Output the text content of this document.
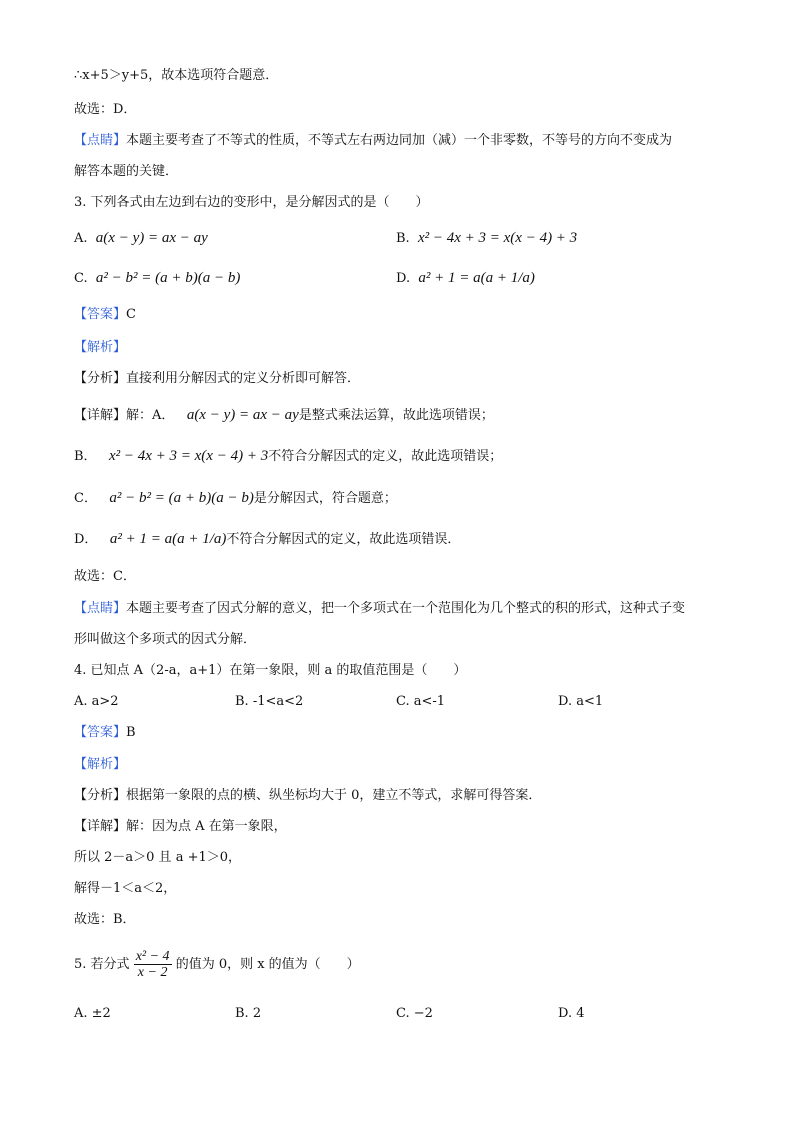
∴x+5＞y+5，故本选项符合题意．
故选：D．
【点睛】本题主要考查了不等式的性质，不等式左右两边同加（减）一个非零数，不等号的方向不变成为
解答本题的关键．
3. 下列各式由左边到右边的变形中，是分解因式的是（　　）
A. a(x − y) = ax − ay	B. x² − 4x + 3 = x(x − 4) + 3
C. a² − b² = (a + b)(a − b)	D. a² + 1 = a(a + 1/a)
【答案】C
【解析】
【分析】直接利用分解因式的定义分析即可解答．
【详解】解：A． a(x − y) = ax − ay是整式乘法运算，故此选项错误；
B． x² − 4x + 3 = x(x − 4) + 3不符合分解因式的定义，故此选项错误；
C． a² − b² = (a + b)(a − b)是分解因式，符合题意；
D． a² + 1 = a(a + 1/a)不符合分解因式的定义，故此选项错误．
故选：C．
【点睛】本题主要考查了因式分解的意义，把一个多项式在一个范围化为几个整式的积的形式，这种式子变
形叫做这个多项式的因式分解．
4. 已知点 A（2-a，a+1）在第一象限，则 a 的取值范围是（　　）
A. a>2	B. -1<a<2	C. a<-1	D. a<1
【答案】B
【解析】
【分析】根据第一象限的点的横、纵坐标均大于 0，建立不等式，求解可得答案．
【详解】解：因为点 A 在第一象限，
所以 2－a＞0 且 a +1＞0，
解得－1＜a＜2，
故选：B．
5. 若分式 $\frac{\text{x² − 4}}{x - 2}$ 的值为 0，则 x 的值为（　　）
A. ±2	B. 2	C. −2	D. 4
